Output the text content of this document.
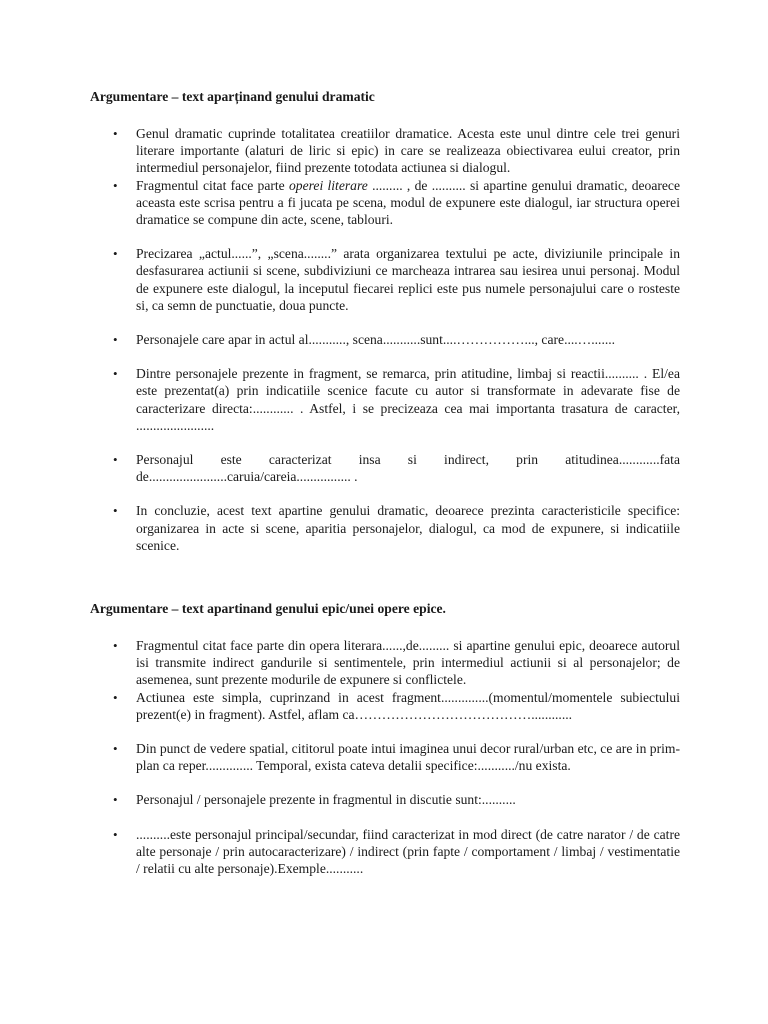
Argumentare – text aparținand genului dramatic

• Genul dramatic cuprinde totalitatea creatiilor dramatice. Acesta este unul dintre cele trei genuri literare importante (alaturi de liric si epic) in care se realizeaza obiectivarea eului creator, prin intermediul personajelor, fiind prezente totodata actiunea si dialogul.
• Fragmentul citat face parte operei literare ......... , de .......... si apartine genului dramatic, deoarece aceasta este scrisa pentru a fi jucata pe scena, modul de expunere este dialogul, iar structura operei dramatice se compune din acte, scene, tablouri.
• Precizarea „actul......”, „scena........” arata organizarea textului pe acte, diviziunile principale in desfasurarea actiunii si scene, subdiviziuni ce marcheaza intrarea sau iesirea unui personaj. Modul de expunere este dialogul, la inceputul fiecarei replici este pus numele personajului care o rosteste si, ca semn de punctuatie, doua puncte.
• Personajele care apar in actul al..........., scena...........sunt....……………..., care....….......
• Dintre personajele prezente in fragment, se remarca, prin atitudine, limbaj si reactii.......... . El/ea este prezentat(a) prin indicatiile scenice facute cu autor si transformate in adevarate fise de caracterizare directa:............ . Astfel, i se precizeaza cea mai importanta trasatura de caracter, .......................
• Personajul este caracterizat insa si indirect, prin atitudinea............fata de.......................caruia/careia................ .
• In concluzie, acest text apartine genului dramatic, deoarece prezinta caracteristicile specifice: organizarea in acte si scene, aparitia personajelor, dialogul, ca mod de expunere, si indicatiile scenice.

Argumentare – text apartinand genului epic/unei opere epice.

• Fragmentul citat face parte din opera literara......,de......... si apartine genului epic, deoarece autorul isi transmite indirect gandurile si sentimentele, prin intermediul actiunii si al personajelor; de asemenea, sunt prezente modurile de expunere si conflictele.
• Actiunea este simpla, cuprinzand in acest fragment..............(momentul/momentele subiectului prezent(e) in fragment). Astfel, aflam ca…………………………………............
• Din punct de vedere spatial, cititorul poate intui imaginea unui decor rural/urban etc, ce are in prim-plan ca reper.............. Temporal, exista cateva detalii specifice:.........../nu exista.
• Personajul / personajele prezente in fragmentul in discutie sunt:..........
• ..........este personajul principal/secundar, fiind caracterizat in mod direct (de catre narator / de catre alte personaje / prin autocaracterizare) / indirect (prin fapte / comportament / limbaj / vestimentatie / relatii cu alte personaje).Exemple...........
